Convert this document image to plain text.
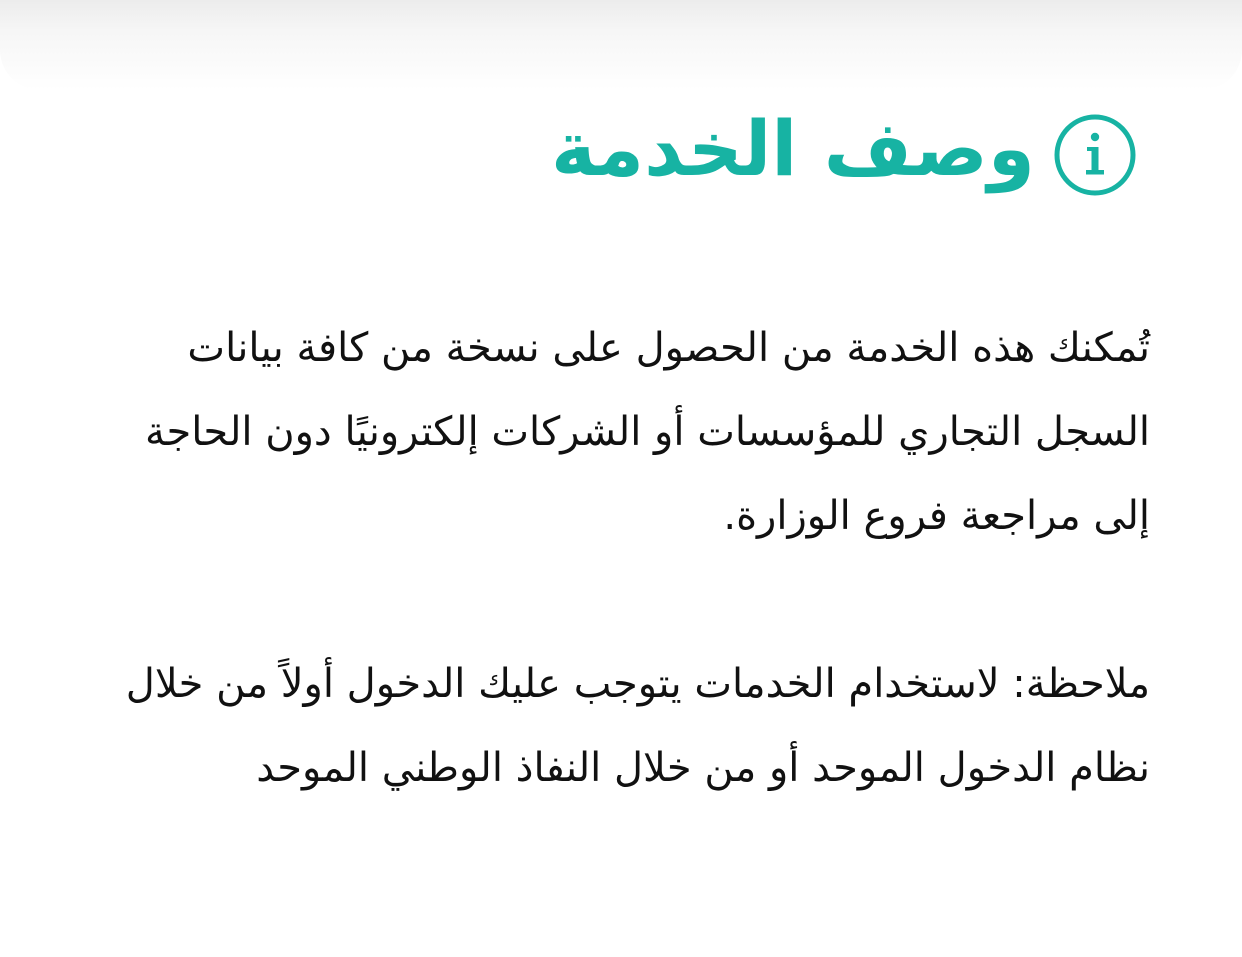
وصف الخدمة

تُمكنك هذه الخدمة من الحصول على نسخة من كافة بيانات السجل التجاري للمؤسسات أو الشركات إلكترونيًا دون الحاجة إلى مراجعة فروع الوزارة.

ملاحظة: لاستخدام الخدمات يتوجب عليك الدخول أولاً من خلال نظام الدخول الموحد أو من خلال النفاذ الوطني الموحد
